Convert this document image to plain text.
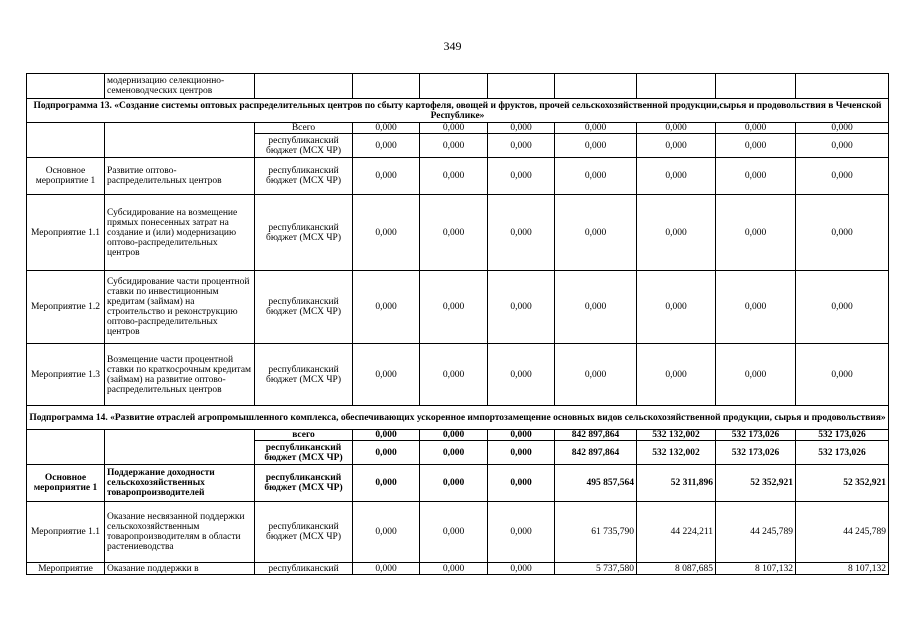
349
	модернизацию селекционно-семеноводческих центров								
Подпрограмма 13. «Создание системы оптовых распределительных центров по сбыту картофеля, овощей и фруктов, прочей сельскохозяйственной продукции,сырья и продовольствия в Чеченской Республике»									
		Всего	0,000	0,000	0,000	0,000	0,000	0,000	0,000
		республиканский бюджет (МСХ ЧР)	0,000	0,000	0,000	0,000	0,000	0,000	0,000
Основное мероприятие 1	Развитие оптово-распределительных центров	республиканский бюджет (МСХ ЧР)	0,000	0,000	0,000	0,000	0,000	0,000	0,000
Мероприятие 1.1	Субсидирование на возмещение прямых понесенных затрат на создание и (или) модернизацию оптово-распределительных центров	республиканский бюджет (МСХ ЧР)	0,000	0,000	0,000	0,000	0,000	0,000	0,000
Мероприятие 1.2	Субсидирование части процентной ставки по инвестиционным кредитам (займам) на строительство и реконструкцию оптово-распределительных центров	республиканский бюджет (МСХ ЧР)	0,000	0,000	0,000	0,000	0,000	0,000	0,000
Мероприятие 1.3	Возмещение части процентной ставки по краткосрочным кредитам (займам) на развитие оптово-распределительных центров	республиканский бюджет (МСХ ЧР)	0,000	0,000	0,000	0,000	0,000	0,000	0,000
Подпрограмма 14. «Развитие отраслей агропромышленного комплекса, обеспечивающих ускоренное импортозамещение основных видов сельскохозяйственной продукции, сырья и продовольствия»									
		всего	0,000	0,000	0,000	842 897,864	532 132,002	532 173,026	532 173,026
		республиканский бюджет (МСХ ЧР)	0,000	0,000	0,000	842 897,864	532 132,002	532 173,026	532 173,026
Основное мероприятие 1	Поддержание доходности сельскохозяйственных товаропроизводителей	республиканский бюджет (МСХ ЧР)	0,000	0,000	0,000	495 857,564	52 311,896	52 352,921	52 352,921
Мероприятие 1.1	Оказание несвязанной поддержки сельскохозяйственным товаропроизводителям в области растениеводства	республиканский бюджет (МСХ ЧР)	0,000	0,000	0,000	61 735,790	44 224,211	44 245,789	44 245,789
Мероприятие	Оказание поддержки в	республиканский	0,000	0,000	0,000	5 737,580	8 087,685	8 107,132	8 107,132
